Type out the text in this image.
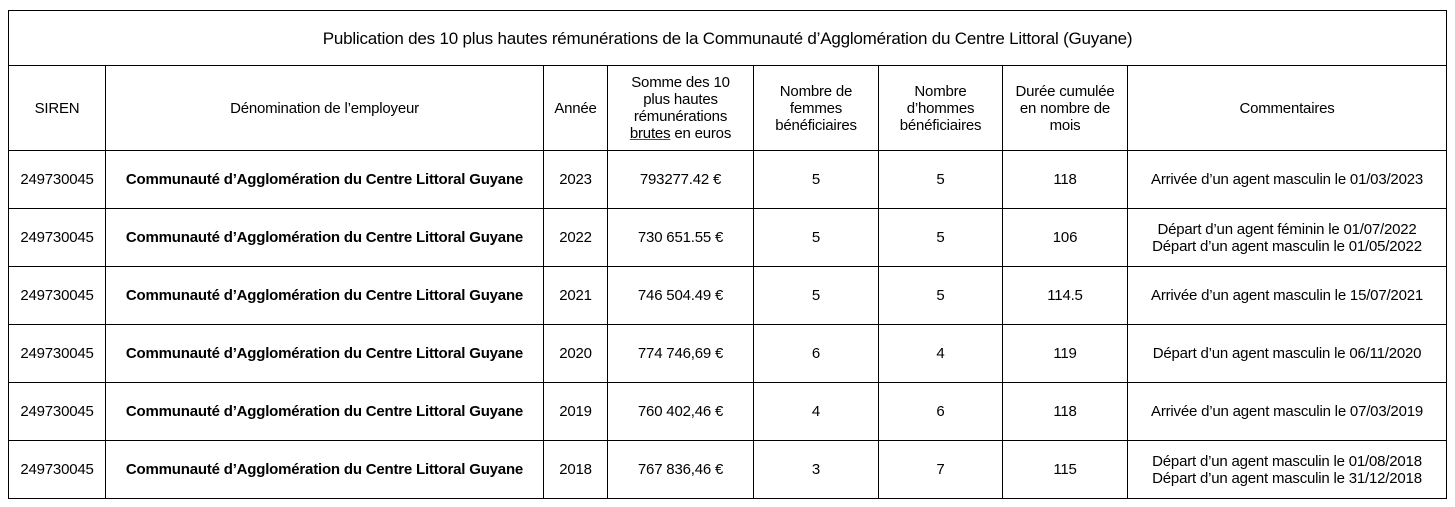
Publication des 10 plus hautes rémunérations de la Communauté d’Agglomération du Centre Littoral (Guyane)							
SIREN	Dénomination de l’employeur	Année	Somme des 10
plus hautes
rémunérations
brutes en euros	Nombre de
femmes
bénéficiaires	Nombre
d’hommes
bénéficiaires	Durée cumulée
en nombre de
mois	Commentaires
249730045	Communauté d’Agglomération du Centre Littoral Guyane	2023	793277.42 €	5	5	118	Arrivée d’un agent masculin le 01/03/2023

249730045	Communauté d’Agglomération du Centre Littoral Guyane	2022	730 651.55 €	5	5	106	Départ d’un agent féminin le 01/07/2022
Départ d’un agent masculin le 01/05/2022

249730045	Communauté d’Agglomération du Centre Littoral Guyane	2021	746 504.49 €	5	5	114.5	Arrivée d’un agent masculin le 15/07/2021

249730045	Communauté d’Agglomération du Centre Littoral Guyane	2020	774 746,69 €	6	4	119	Départ d’un agent masculin le 06/11/2020

249730045	Communauté d’Agglomération du Centre Littoral Guyane	2019	760 402,46 €	4	6	118	Arrivée d’un agent masculin le 07/03/2019

249730045	Communauté d’Agglomération du Centre Littoral Guyane	2018	767 836,46 €	3	7	115	Départ d’un agent masculin le 01/08/2018
Départ d’un agent masculin le 31/12/2018
